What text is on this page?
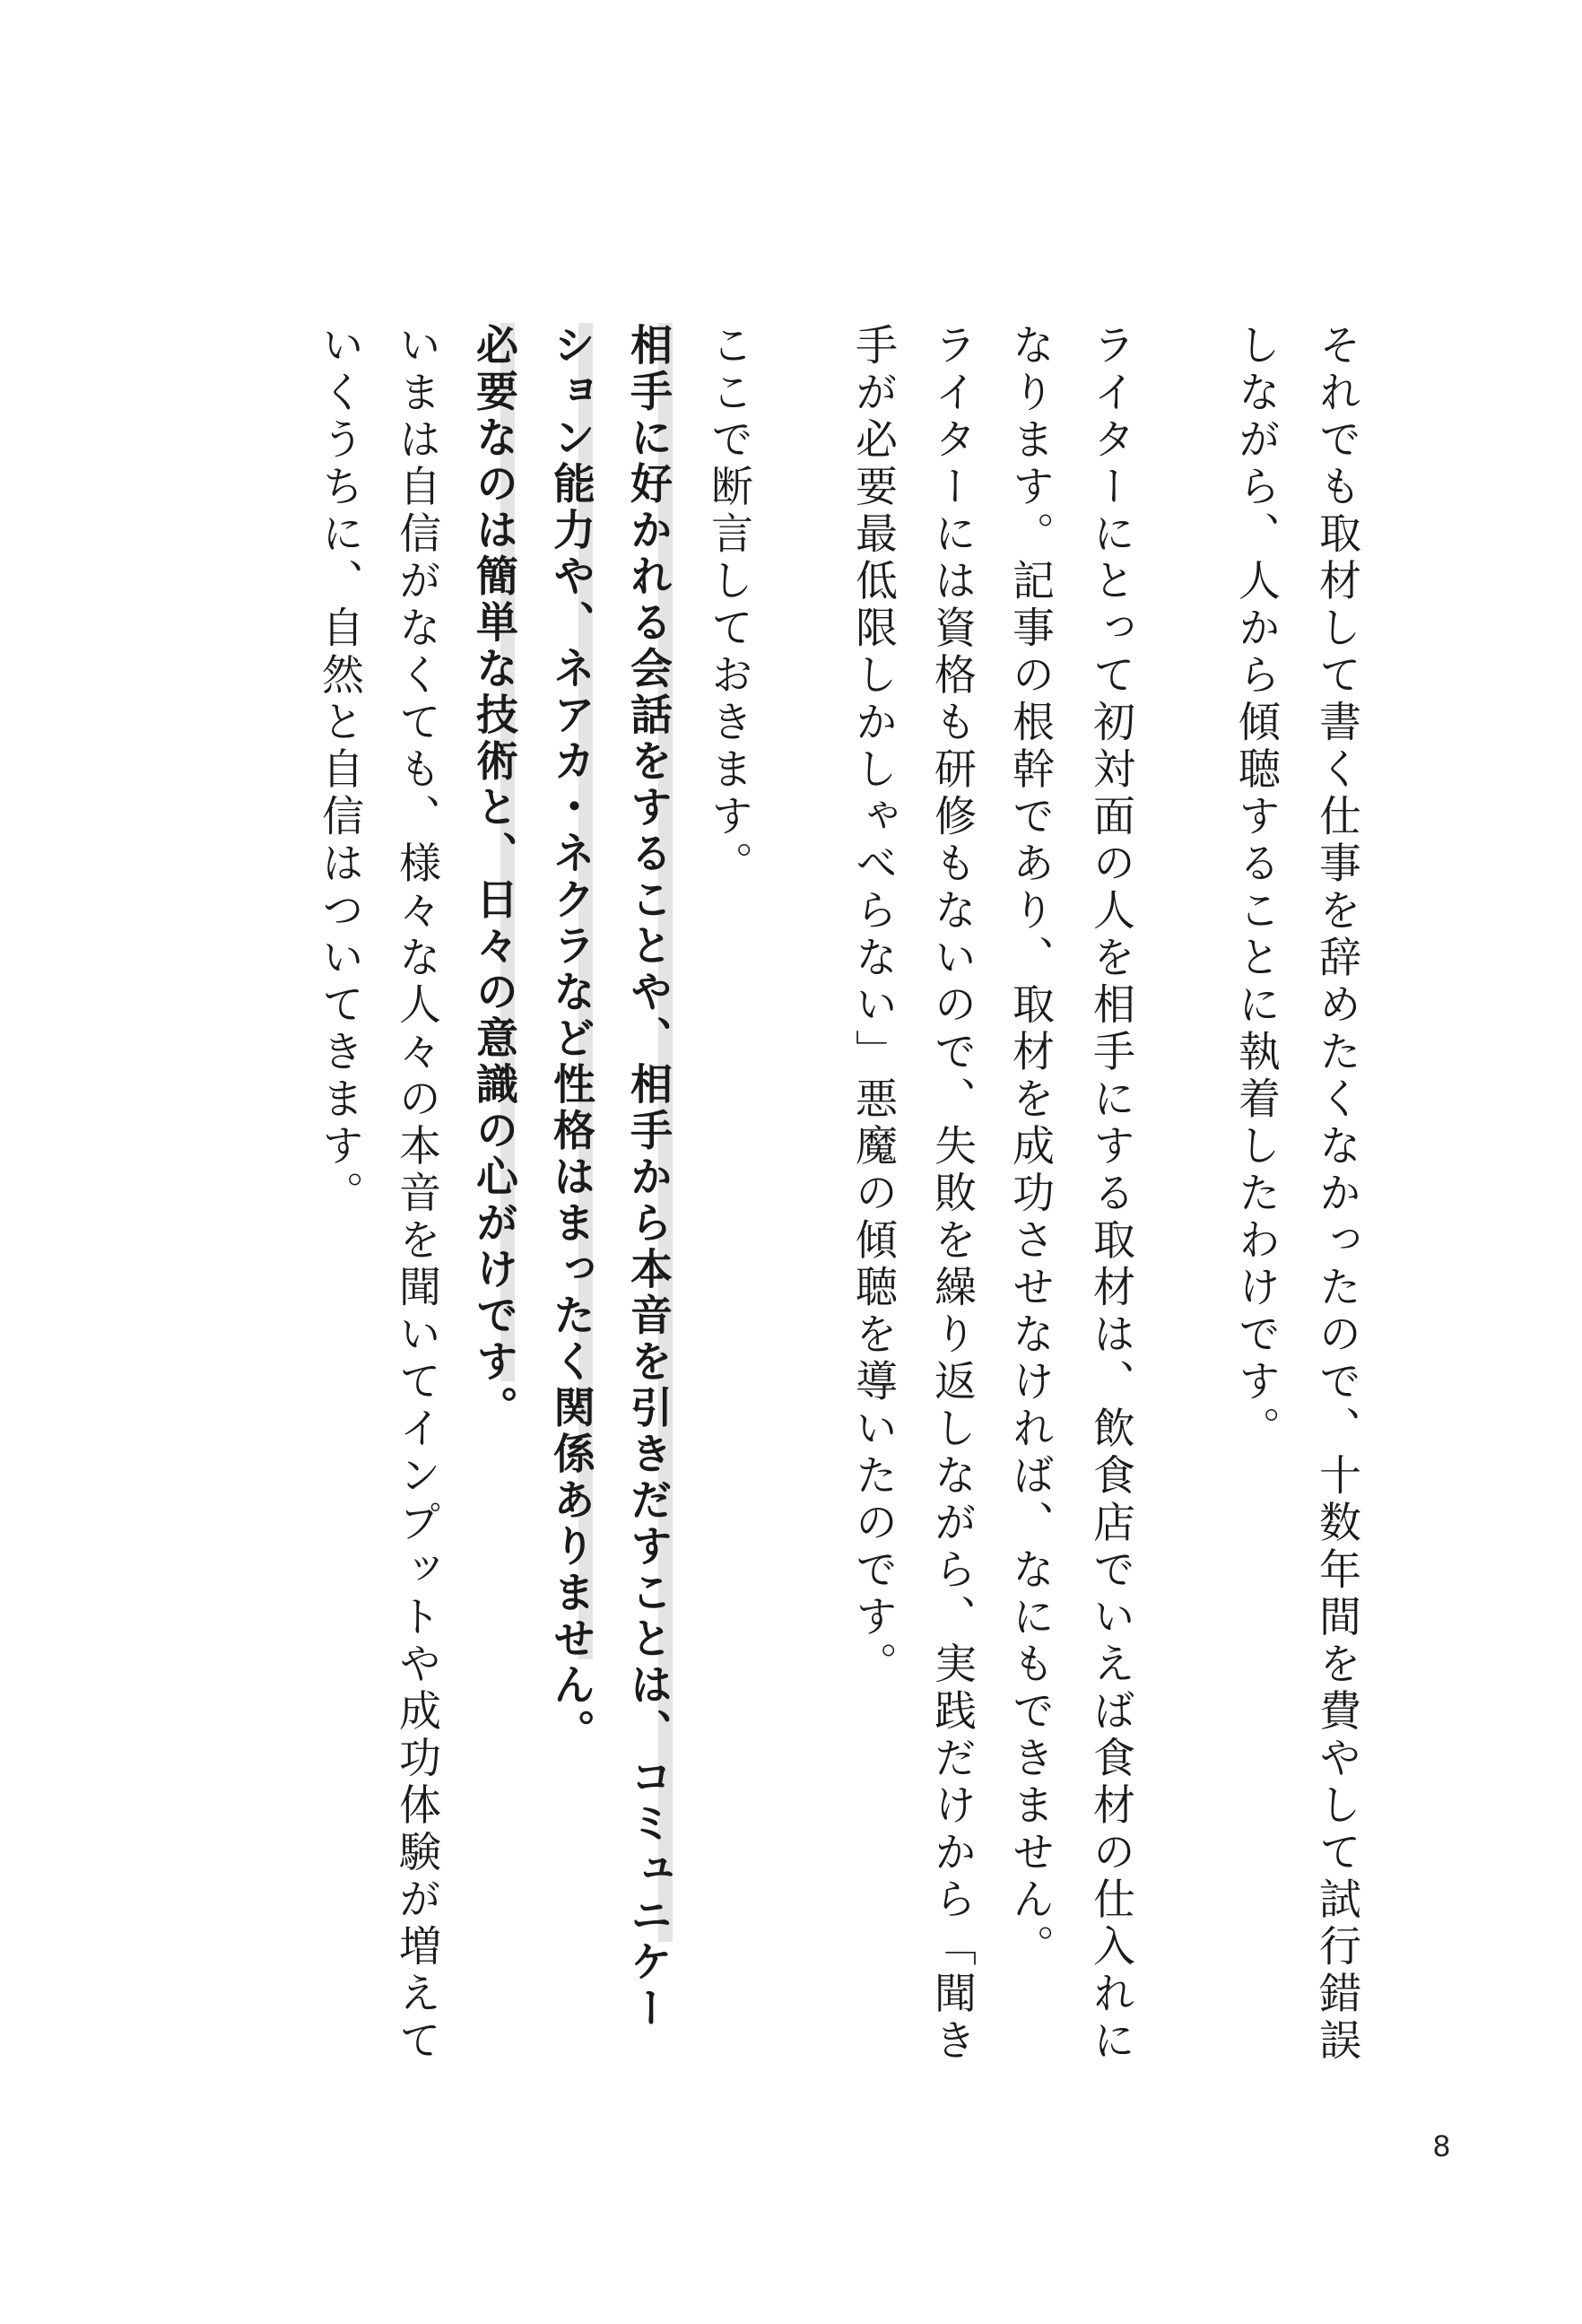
それでも取材して書く仕事を辞めたくなかったので、十数年間を費やして試行錯誤
しながら、人から傾聴することに執着したわけです。
ライターにとって初対面の人を相手にする取材は、飲食店でいえば食材の仕入れに
なります。記事の根幹であり、取材を成功させなければ、なにもできません。
ライターには資格も研修もないので、失敗を繰り返しながら、実践だけから「聞き
手が必要最低限しかしゃべらない」悪魔の傾聴を導いたのです。
ここで断言しておきます。
相手に好かれる会話をすることや、相手から本音を引きだすことは、コミュニケー
ション能力や、ネアカ・ネクラなど性格はまったく関係ありません。
必要なのは簡単な技術と、日々の意識の心がけです。
いまは自信がなくても、様々な人々の本音を聞いてインプットや成功体験が増えて
いくうちに、自然と自信はついてきます。
8
